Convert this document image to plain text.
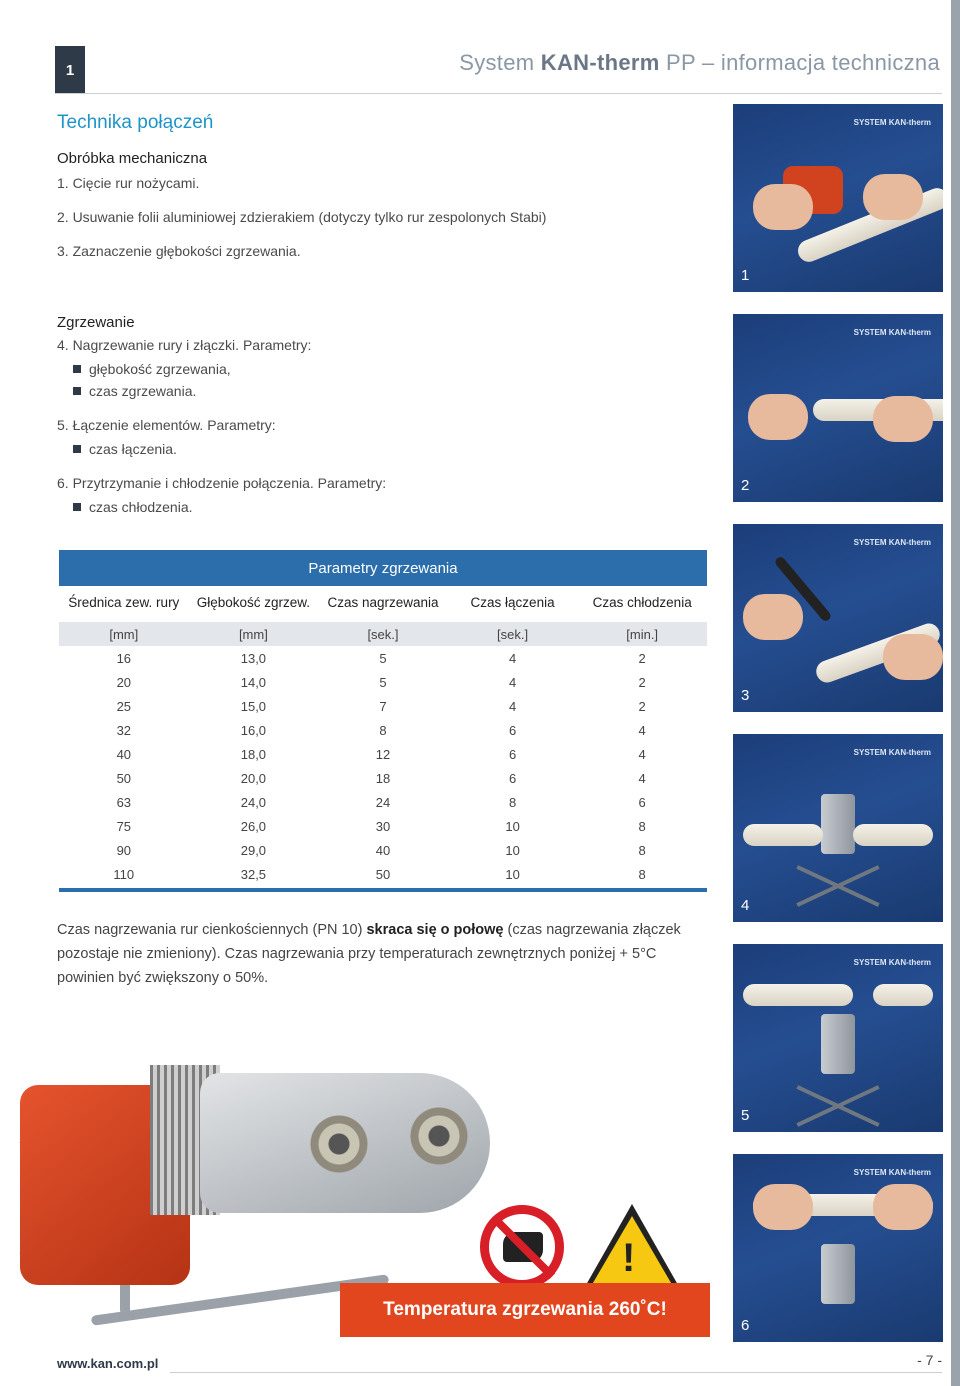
1	System KAN-therm PP – informacja techniczna
Technika połączeń
Obróbka mechaniczna
1. Cięcie rur nożycami.
2. Usuwanie folii aluminiowej zdzierakiem (dotyczy tylko rur zespolonych Stabi)
3. Zaznaczenie głębokości zgrzewania.
Zgrzewanie
4. Nagrzewanie rury i złączki. Parametry:
głębokość zgrzewania,
czas zgrzewania.
5. Łączenie elementów. Parametry:
czas łączenia.
6. Przytrzymanie i chłodzenie połączenia. Parametry:
czas chłodzenia.
Parametry zgrzewania
Średnica zew. rury	Głębokość zgrzew.	Czas nagrzewania	Czas łączenia	Czas chłodzenia
[mm]	[mm]	[sek.]	[sek.]	[min.]
16	13,0	5	4	2
20	14,0	5	4	2
25	15,0	7	4	2
32	16,0	8	6	4
40	18,0	12	6	4
50	20,0	18	6	4
63	24,0	24	8	6
75	26,0	30	10	8
90	29,0	40	10	8
110	32,5	50	10	8
Czas nagrzewania rur cienkościennych (PN 10) skraca się o połowę (czas nagrzewania złączek pozostaje nie zmieniony). Czas nagrzewania przy temperaturach zewnętrznych poniżej + 5°C powinien być zwiększony o 50%.
SYSTEM KAN-therm
1
SYSTEM KAN-therm
2
SYSTEM KAN-therm
3
SYSTEM KAN-therm
4
SYSTEM KAN-therm
5
SYSTEM KAN-therm
6
!
Temperatura zgrzewania 260˚C!
www.kan.com.pl	- 7 -
